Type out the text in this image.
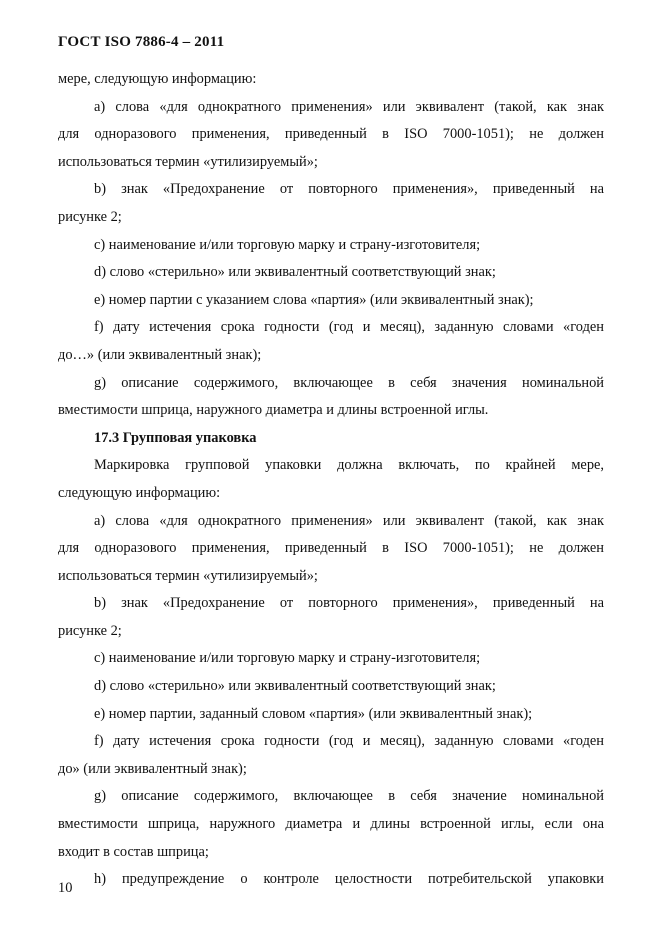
ГОСТ ISO 7886-4 – 2011
мере, следующую информацию:
а) слова «для однократного применения» или эквивалент (такой, как знак
для одноразового применения, приведенный в ISO 7000-1051); не должен
использоваться термин «утилизируемый»;
b) знак «Предохранение от повторного применения», приведенный на
рисунке 2;
с) наименование и/или торговую марку и страну-изготовителя;
d) слово «стерильно» или эквивалентный соответствующий знак;
е) номер партии с указанием слова «партия» (или эквивалентный знак);
f) дату истечения срока годности (год и месяц), заданную словами «годен
до…» (или эквивалентный знак);
g) описание содержимого, включающее в себя значения номинальной
вместимости шприца, наружного диаметра и длины встроенной иглы.
17.3 Групповая упаковка
Маркировка групповой упаковки должна включать, по крайней мере,
следующую информацию:
а) слова «для однократного применения» или эквивалент (такой, как знак
для одноразового применения, приведенный в ISO 7000-1051); не должен
использоваться термин «утилизируемый»;
b) знак «Предохранение от повторного применения», приведенный на
рисунке 2;
с) наименование и/или торговую марку и страну-изготовителя;
d) слово «стерильно» или эквивалентный соответствующий знак;
е) номер партии, заданный словом «партия» (или эквивалентный знак);
f) дату истечения срока годности (год и месяц), заданную словами «годен
до» (или эквивалентный знак);
g) описание содержимого, включающее в себя значение номинальной
вместимости шприца, наружного диаметра и длины встроенной иглы, если она
входит в состав шприца;
h) предупреждение о контроле целостности потребительской упаковки
10
